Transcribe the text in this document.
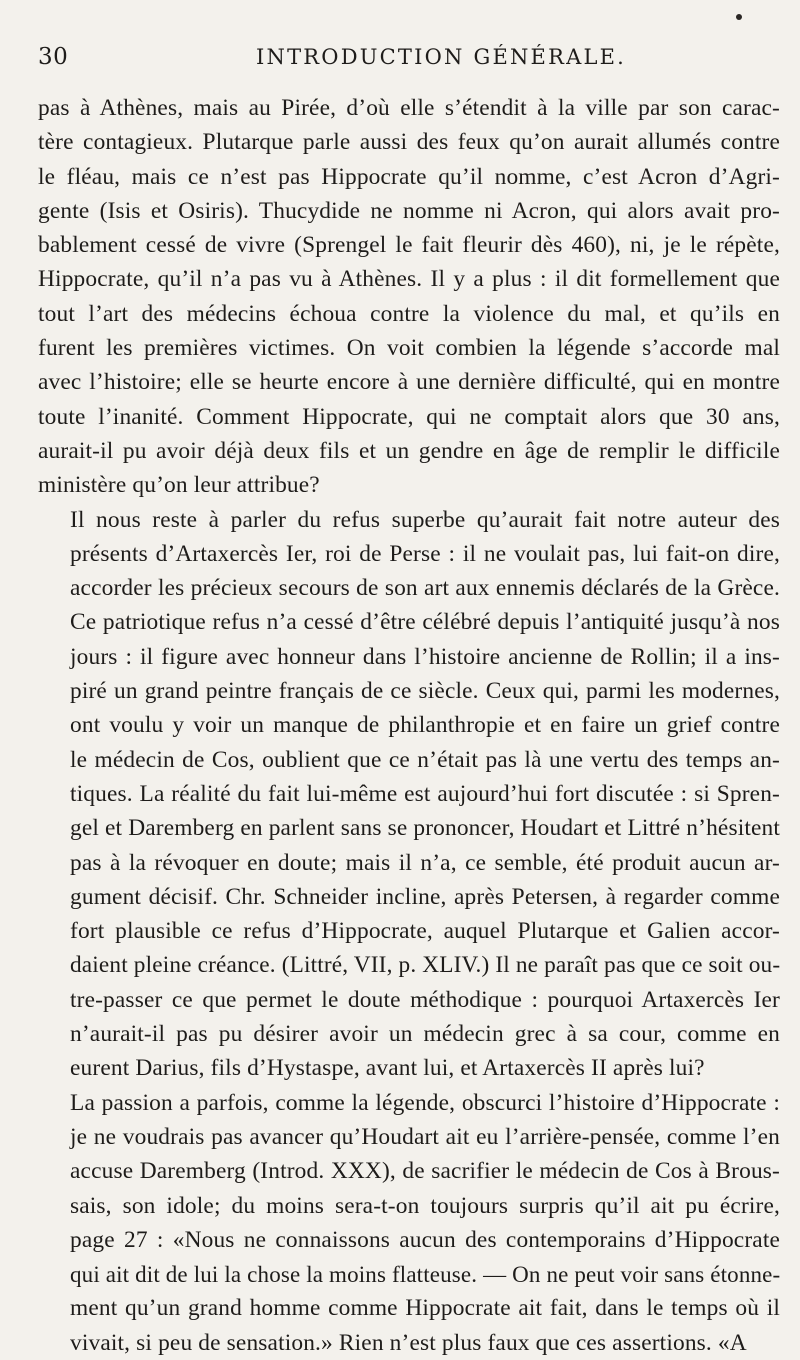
30	INTRODUCTION GÉNÉRALE.
pas à Athènes, mais au Pirée, d’où elle s’étendit à la ville par son carac-
tère contagieux. Plutarque parle aussi des feux qu’on aurait allumés contre
le fléau, mais ce n’est pas Hippocrate qu’il nomme, c’est Acron d’Agri-
gente (Isis et Osiris). Thucydide ne nomme ni Acron, qui alors avait pro-
bablement cessé de vivre (Sprengel le fait fleurir dès 460), ni, je le répète,
Hippocrate, qu’il n’a pas vu à Athènes. Il y a plus : il dit formellement que
tout l’art des médecins échoua contre la violence du mal, et qu’ils en
furent les premières victimes. On voit combien la légende s’accorde mal
avec l’histoire; elle se heurte encore à une dernière difficulté, qui en montre
toute l’inanité. Comment Hippocrate, qui ne comptait alors que 30 ans,
aurait-il pu avoir déjà deux fils et un gendre en âge de remplir le difficile
ministère qu’on leur attribue?
Il nous reste à parler du refus superbe qu’aurait fait notre auteur des
présents d’Artaxercès Ier, roi de Perse : il ne voulait pas, lui fait-on dire,
accorder les précieux secours de son art aux ennemis déclarés de la Grèce.
Ce patriotique refus n’a cessé d’être célébré depuis l’antiquité jusqu’à nos
jours : il figure avec honneur dans l’histoire ancienne de Rollin; il a ins-
piré un grand peintre français de ce siècle. Ceux qui, parmi les modernes,
ont voulu y voir un manque de philanthropie et en faire un grief contre
le médecin de Cos, oublient que ce n’était pas là une vertu des temps an-
tiques. La réalité du fait lui-même est aujourd’hui fort discutée : si Spren-
gel et Daremberg en parlent sans se prononcer, Houdart et Littré n’hésitent
pas à la révoquer en doute; mais il n’a, ce semble, été produit aucun ar-
gument décisif. Chr. Schneider incline, après Petersen, à regarder comme
fort plausible ce refus d’Hippocrate, auquel Plutarque et Galien accor-
daient pleine créance. (Littré, VII, p. XLIV.) Il ne paraît pas que ce soit ou-
tre-passer ce que permet le doute méthodique : pourquoi Artaxercès Ier
n’aurait-il pas pu désirer avoir un médecin grec à sa cour, comme en
eurent Darius, fils d’Hystaspe, avant lui, et Artaxercès II après lui?
La passion a parfois, comme la légende, obscurci l’histoire d’Hippocrate :
je ne voudrais pas avancer qu’Houdart ait eu l’arrière-pensée, comme l’en
accuse Daremberg (Introd. XXX), de sacrifier le médecin de Cos à Brous-
sais, son idole; du moins sera-t-on toujours surpris qu’il ait pu écrire,
page 27 : «Nous ne connaissons aucun des contemporains d’Hippocrate
qui ait dit de lui la chose la moins flatteuse. — On ne peut voir sans étonne-
ment qu’un grand homme comme Hippocrate ait fait, dans le temps où il
vivait, si peu de sensation.» Rien n’est plus faux que ces assertions. «A
